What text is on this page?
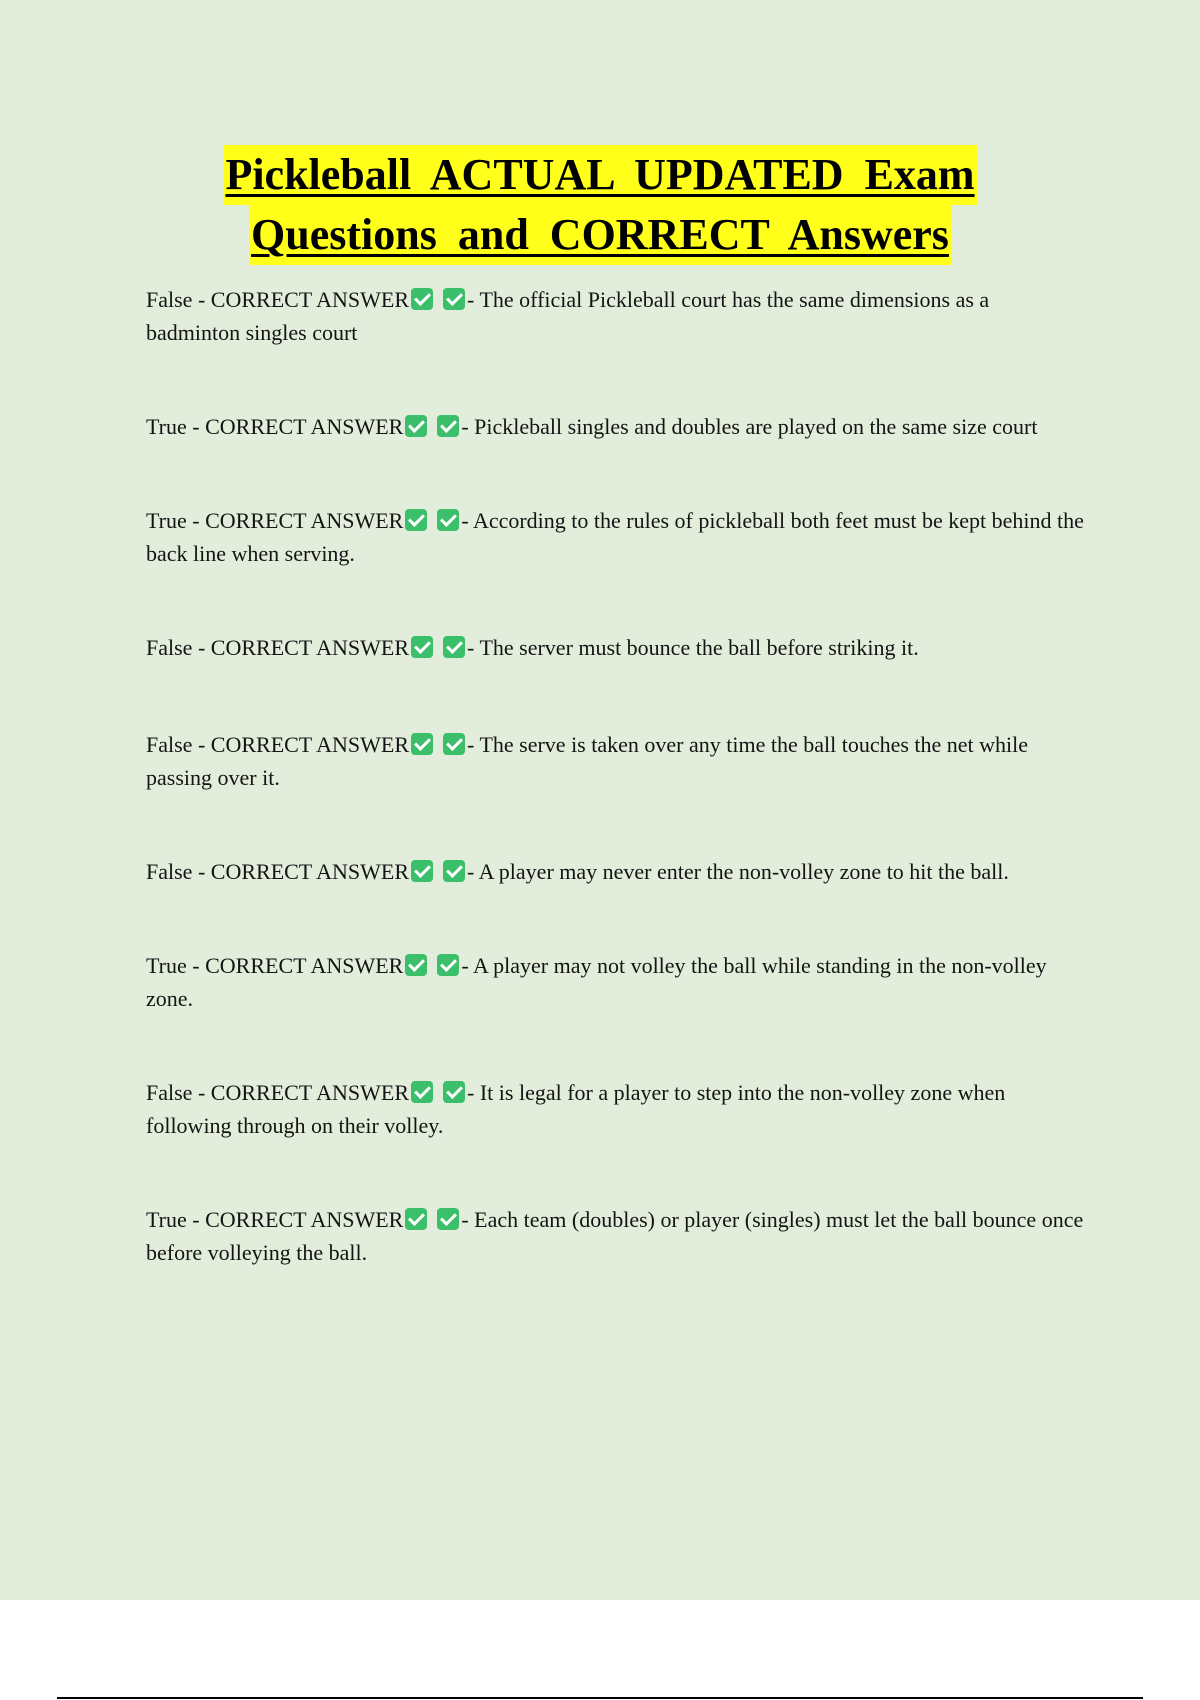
Pickleball ACTUAL UPDATED Exam
Questions and CORRECT Answers

False - CORRECT ANSWER	- The official Pickleball court has the same dimensions as a badminton singles court

True - CORRECT ANSWER	- Pickleball singles and doubles are played on the same size court

True - CORRECT ANSWER	- According to the rules of pickleball both feet must be kept behind the back line when serving.

False - CORRECT ANSWER	- The server must bounce the ball before striking it.

False - CORRECT ANSWER	- The serve is taken over any time the ball touches the net while passing over it.

False - CORRECT ANSWER	- A player may never enter the non-volley zone to hit the ball.

True - CORRECT ANSWER	- A player may not volley the ball while standing in the non-volley zone.

False - CORRECT ANSWER	- It is legal for a player to step into the non-volley zone when following through on their volley.

True - CORRECT ANSWER	- Each team (doubles) or player (singles) must let the ball bounce once before volleying the ball.
